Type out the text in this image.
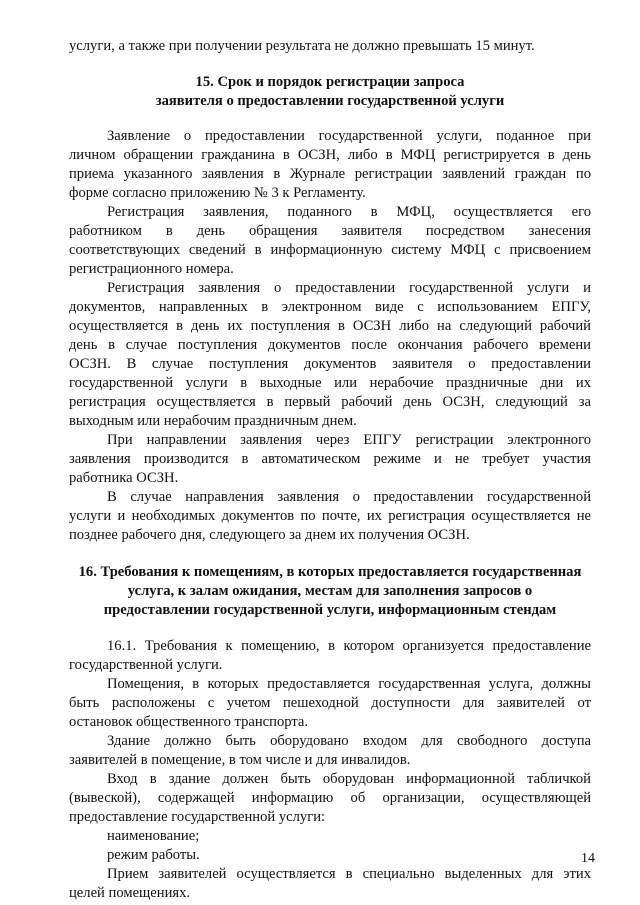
услуги, а также при получении результата не должно превышать 15 минут.
15. Срок и порядок регистрации запроса
заявителя о предоставлении государственной услуги
Заявление о предоставлении государственной услуги, поданное при
личном обращении гражданина в ОСЗН, либо в МФЦ регистрируется в день
приема указанного заявления в Журнале регистрации заявлений граждан по
форме согласно приложению № 3 к Регламенту.
Регистрация заявления, поданного в МФЦ, осуществляется его
работником в день обращения заявителя посредством занесения
соответствующих сведений в информационную систему МФЦ с присвоением
регистрационного номера.
Регистрация заявления о предоставлении государственной услуги и
документов, направленных в электронном виде с использованием ЕПГУ,
осуществляется в день их поступления в ОСЗН либо на следующий рабочий
день в случае поступления документов после окончания рабочего времени
ОСЗН. В случае поступления документов заявителя о предоставлении
государственной услуги в выходные или нерабочие праздничные дни их
регистрация осуществляется в первый рабочий день ОСЗН, следующий за
выходным или нерабочим праздничным днем.
При направлении заявления через ЕПГУ регистрации электронного
заявления производится в автоматическом режиме и не требует участия
работника ОСЗН.
В случае направления заявления о предоставлении государственной
услуги и необходимых документов по почте, их регистрация осуществляется не
позднее рабочего дня, следующего за днем их получения ОСЗН.
16. Требования к помещениям, в которых предоставляется государственная
услуга, к залам ожидания, местам для заполнения запросов о
предоставлении государственной услуги, информационным стендам
16.1. Требования к помещению, в котором организуется предоставление
государственной услуги.
Помещения, в которых предоставляется государственная услуга, должны
быть расположены с учетом пешеходной доступности для заявителей от
остановок общественного транспорта.
Здание должно быть оборудовано входом для свободного доступа
заявителей в помещение, в том числе и для инвалидов.
Вход в здание должен быть оборудован информационной табличкой
(вывеской), содержащей информацию об организации, осуществляющей
предоставление государственной услуги:
наименование;
режим работы.
Прием заявителей осуществляется в специально выделенных для этих
целей помещениях.
14
